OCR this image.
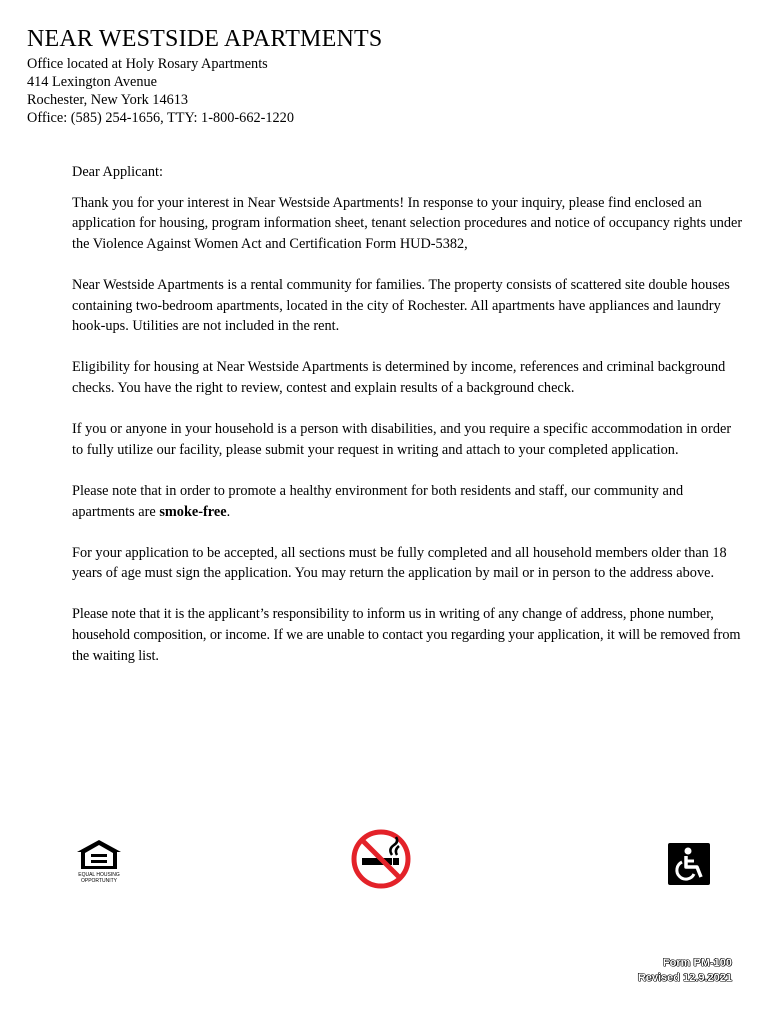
NEAR WESTSIDE APARTMENTS
Office located at Holy Rosary Apartments
414 Lexington Avenue
Rochester, New York 14613
Office: (585) 254-1656, TTY: 1-800-662-1220

Dear Applicant:

Thank you for your interest in Near Westside Apartments! In response to your inquiry, please find enclosed an application for housing, program information sheet, tenant selection procedures and notice of occupancy rights under the Violence Against Women Act and Certification Form HUD-5382,

Near Westside Apartments is a rental community for families. The property consists of scattered site double houses containing two-bedroom apartments, located in the city of Rochester. All apartments have appliances and laundry hook-ups. Utilities are not included in the rent.

Eligibility for housing at Near Westside Apartments is determined by income, references and criminal background checks. You have the right to review, contest and explain results of a background check.

If you or anyone in your household is a person with disabilities, and you require a specific accommodation in order to fully utilize our facility, please submit your request in writing and attach to your completed application.

Please note that in order to promote a healthy environment for both residents and staff, our community and apartments are smoke-free.

For your application to be accepted, all sections must be fully completed and all household members older than 18 years of age must sign the application. You may return the application by mail or in person to the address above.

Please note that it is the applicant’s responsibility to inform us in writing of any change of address, phone number, household composition, or income. If we are unable to contact you regarding your application, it will be removed from the waiting list.

EQUAL HOUSING
OPPORTUNITY
Form PM-100
Revised 12.9.2021
